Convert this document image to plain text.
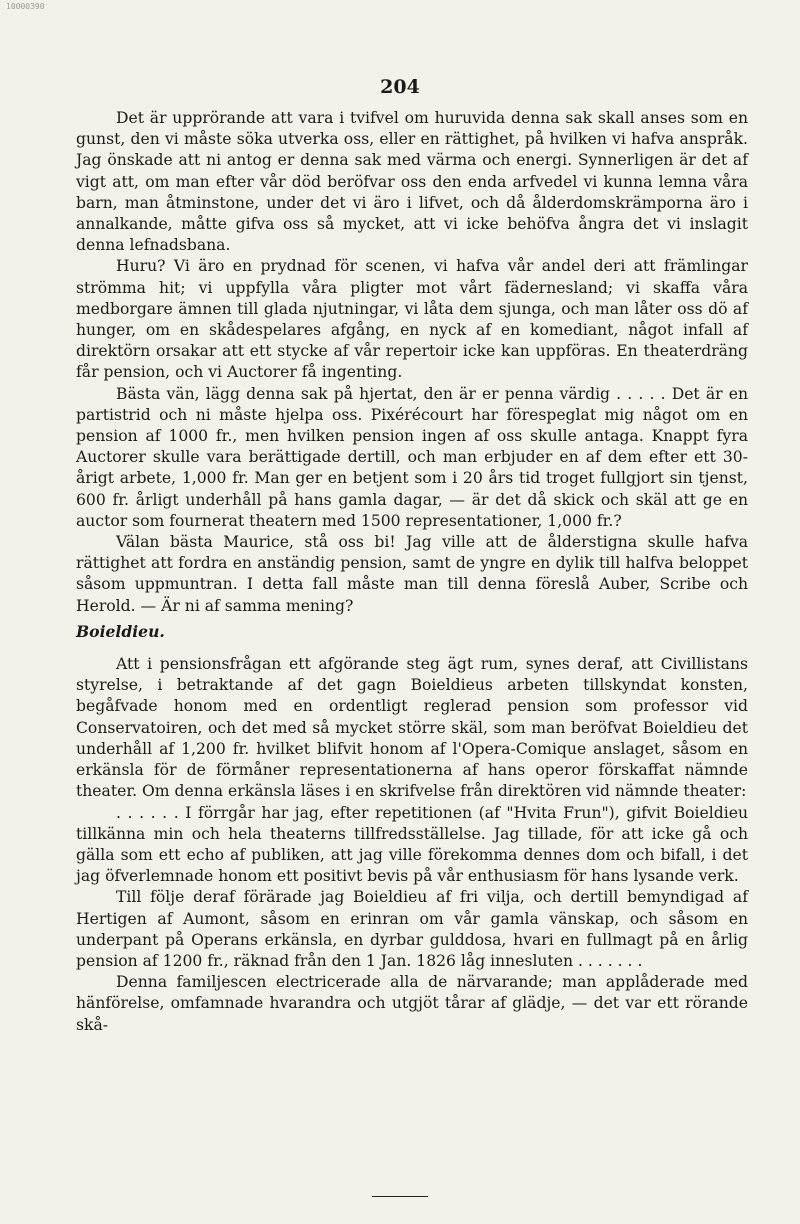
10000390
204

Det är upprörande att vara i tvifvel om huruvida denna sak skall anses som en gunst, den vi måste söka utverka oss, eller en rättighet, på hvilken vi hafva anspråk. Jag önskade att ni antog er denna sak med värma och energi. Synnerligen är det af vigt att, om man efter vår död beröfvar oss den enda arfvedel vi kunna lemna våra barn, man åtminstone, under det vi äro i lifvet, och då ålderdomskrämporna äro i annalkande, måtte gifva oss så mycket, att vi icke behöfva ångra det vi inslagit denna lefnadsbana.

Huru? Vi äro en prydnad för scenen, vi hafva vår andel deri att främlingar strömma hit; vi uppfylla våra pligter mot vårt fädernesland; vi skaffa våra medborgare ämnen till glada njutningar, vi låta dem sjunga, och man låter oss dö af hunger, om en skådespelares afgång, en nyck af en komediant, något infall af direktörn orsakar att ett stycke af vår repertoir icke kan uppföras. En theaterdräng får pension, och vi Auctorer få ingenting.

Bästa vän, lägg denna sak på hjertat, den är er penna värdig . . . . . Det är en partistrid och ni måste hjelpa oss. Pixérécourt har förespeglat mig något om en pension af 1000 fr., men hvilken pension ingen af oss skulle antaga. Knappt fyra Auctorer skulle vara berättigade dertill, och man erbjuder en af dem efter ett 30-årigt arbete, 1,000 fr. Man ger en betjent som i 20 års tid troget fullgjort sin tjenst, 600 fr. årligt underhåll på hans gamla dagar, — är det då skick och skäl att ge en auctor som fournerat theatern med 1500 representationer, 1,000 fr.?

Välan bästa Maurice, stå oss bi! Jag ville att de ålderstigna skulle hafva rättighet att fordra en anständig pension, samt de yngre en dylik till halfva beloppet såsom uppmuntran. I detta fall måste man till denna föreslå Auber, Scribe och Herold. — Är ni af samma mening?

Boieldieu.

Att i pensionsfrågan ett afgörande steg ägt rum, synes deraf, att Civillistans styrelse, i betraktande af det gagn Boieldieus arbeten tillskyndat konsten, begåfvade honom med en ordentligt reglerad pension som professor vid Conservatoiren, och det med så mycket större skäl, som man beröfvat Boieldieu det underhåll af 1,200 fr. hvilket blifvit honom af l'Opera-Comique anslaget, såsom en erkänsla för de förmåner representationerna af hans operor förskaffat nämnde theater. Om denna erkänsla läses i en skrifvelse från direktören vid nämnde theater:

. . . . . . I förrgår har jag, efter repetitionen (af "Hvita Frun"), gifvit Boieldieu tillkänna min och hela theaterns tillfredsställelse. Jag tillade, för att icke gå och gälla som ett echo af publiken, att jag ville förekomma dennes dom och bifall, i det jag öfverlemnade honom ett positivt bevis på vår enthusiasm för hans lysande verk.

Till följe deraf förärade jag Boieldieu af fri vilja, och dertill bemyndigad af Hertigen af Aumont, såsom en erinran om vår gamla vänskap, och såsom en underpant på Operans erkänsla, en dyrbar gulddosa, hvari en fullmagt på en årlig pension af 1200 fr., räknad från den 1 Jan. 1826 låg innesluten . . . . . . .

Denna familjescen electricerade alla de närvarande; man applåderade med hänförelse, omfamnade hvarandra och utgjöt tårar af glädje, — det var ett rörande skå-
